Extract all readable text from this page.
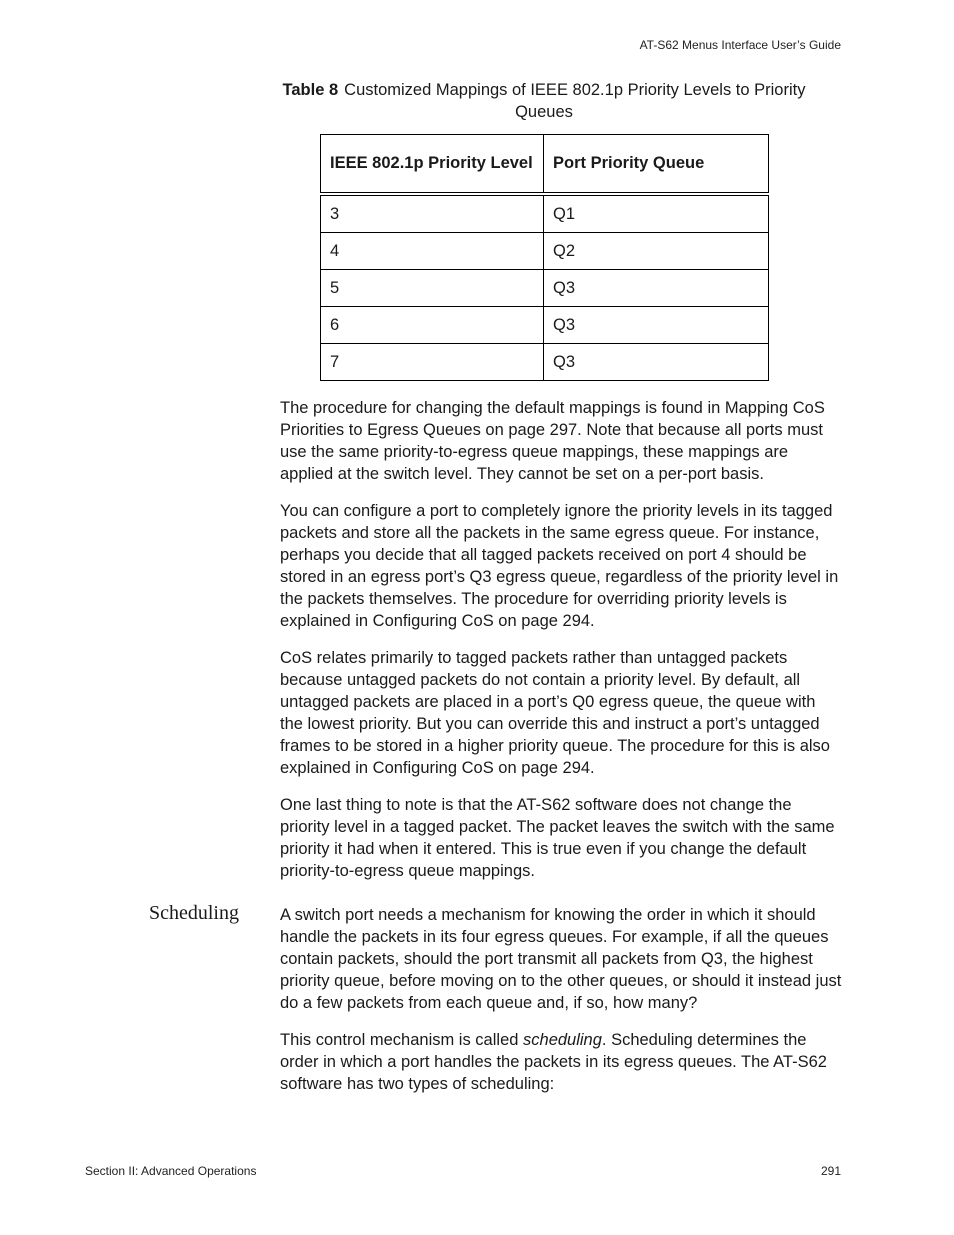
AT-S62 Menus Interface User’s Guide
Table 8 Customized Mappings of IEEE 802.1p Priority Levels to Priority Queues
IEEE 802.1p Priority Level	Port Priority Queue
3	Q1
4	Q2
5	Q3
6	Q3
7	Q3

The procedure for changing the default mappings is found in Mapping CoS Priorities to Egress Queues on page 297. Note that because all ports must use the same priority-to-egress queue mappings, these mappings are applied at the switch level. They cannot be set on a per-port basis.

You can configure a port to completely ignore the priority levels in its tagged packets and store all the packets in the same egress queue. For instance, perhaps you decide that all tagged packets received on port 4 should be stored in an egress port’s Q3 egress queue, regardless of the priority level in the packets themselves. The procedure for overriding priority levels is explained in Configuring CoS on page 294.

CoS relates primarily to tagged packets rather than untagged packets because untagged packets do not contain a priority level. By default, all untagged packets are placed in a port’s Q0 egress queue, the queue with the lowest priority. But you can override this and instruct a port’s untagged frames to be stored in a higher priority queue. The procedure for this is also explained in Configuring CoS on page 294.

One last thing to note is that the AT-S62 software does not change the priority level in a tagged packet. The packet leaves the switch with the same priority it had when it entered. This is true even if you change the default priority-to-egress queue mappings.

Scheduling A switch port needs a mechanism for knowing the order in which it should handle the packets in its four egress queues. For example, if all the queues contain packets, should the port transmit all packets from Q3, the highest priority queue, before moving on to the other queues, or should it instead just do a few packets from each queue and, if so, how many?

This control mechanism is called scheduling. Scheduling determines the order in which a port handles the packets in its egress queues. The AT-S62 software has two types of scheduling:

Section II: Advanced Operations	291
